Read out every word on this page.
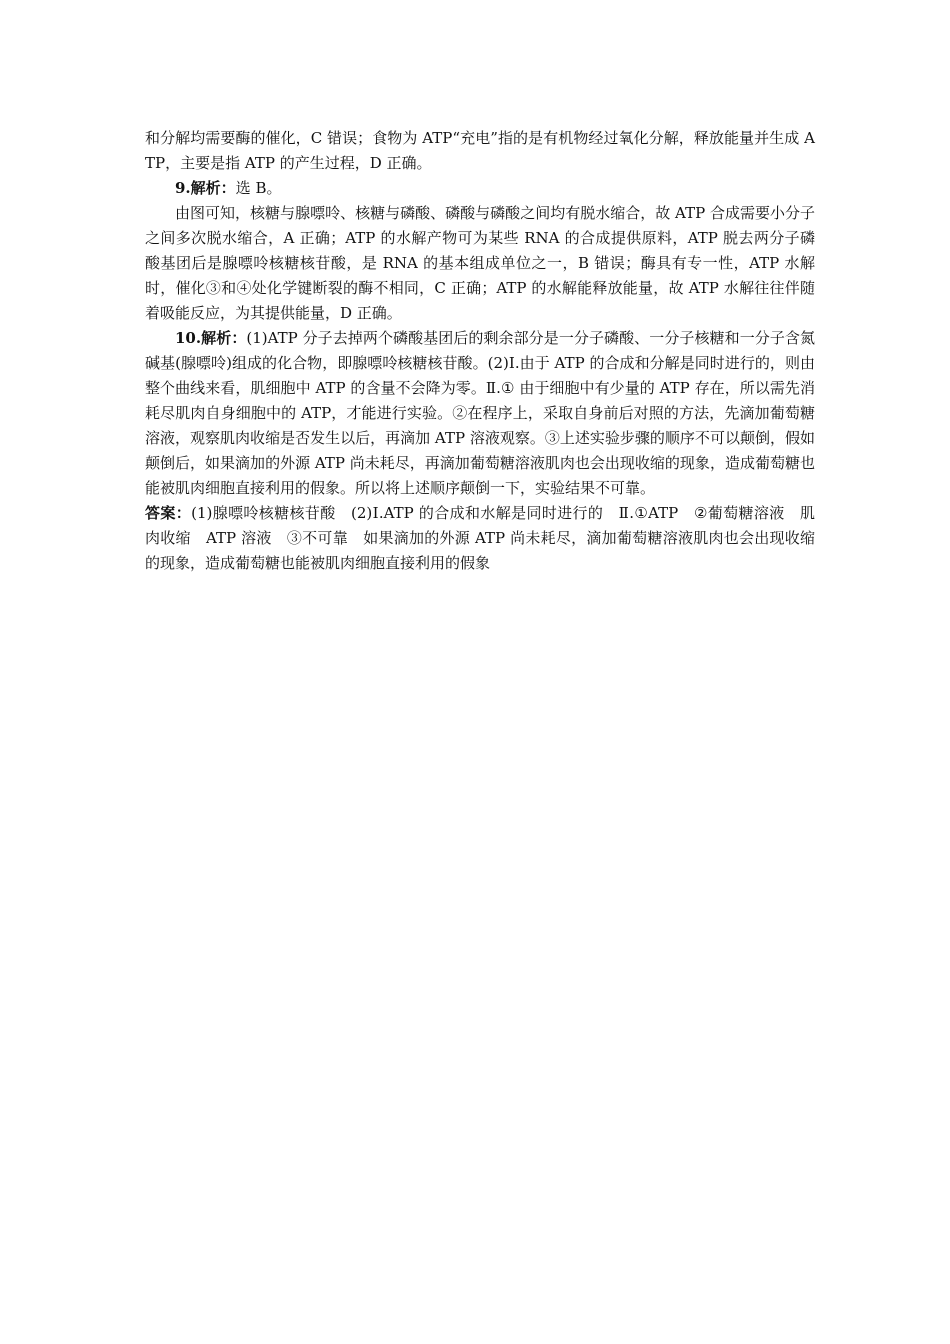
和分解均需要酶的催化，C 错误；食物为 ATP“充电”指的是有机物经过氧化分解，释放能量并生成 ATP，主要是指 ATP 的产生过程，D 正确。

9.解析：选 B。

由图可知，核糖与腺嘌呤、核糖与磷酸、磷酸与磷酸之间均有脱水缩合，故 ATP 合成需要小分子之间多次脱水缩合，A 正确；ATP 的水解产物可为某些 RNA 的合成提供原料，ATP 脱去两分子磷酸基团后是腺嘌呤核糖核苷酸，是 RNA 的基本组成单位之一，B 错误；酶具有专一性，ATP 水解时，催化③和④处化学键断裂的酶不相同，C 正确；ATP 的水解能释放能量，故 ATP 水解往往伴随着吸能反应，为其提供能量，D 正确。

10.解析：(1)ATP 分子去掉两个磷酸基团后的剩余部分是一分子磷酸、一分子核糖和一分子含氮碱基(腺嘌呤)组成的化合物，即腺嘌呤核糖核苷酸。(2)Ⅰ.由于 ATP 的合成和分解是同时进行的，则由整个曲线来看，肌细胞中 ATP 的含量不会降为零。Ⅱ.① 由于细胞中有少量的 ATP 存在，所以需先消耗尽肌肉自身细胞中的 ATP，才能进行实验。②在程序上，采取自身前后对照的方法，先滴加葡萄糖溶液，观察肌肉收缩是否发生以后，再滴加 ATP 溶液观察。③上述实验步骤的顺序不可以颠倒，假如颠倒后，如果滴加的外源 ATP 尚未耗尽，再滴加葡萄糖溶液肌肉也会出现收缩的现象，造成葡萄糖也能被肌肉细胞直接利用的假象。所以将上述顺序颠倒一下，实验结果不可靠。

答案：(1)腺嘌呤核糖核苷酸　(2)Ⅰ.ATP 的合成和水解是同时进行的　Ⅱ.①ATP　②葡萄糖溶液　肌肉收缩　ATP 溶液　③不可靠　如果滴加的外源 ATP 尚未耗尽，滴加葡萄糖溶液肌肉也会出现收缩的现象，造成葡萄糖也能被肌肉细胞直接利用的假象
